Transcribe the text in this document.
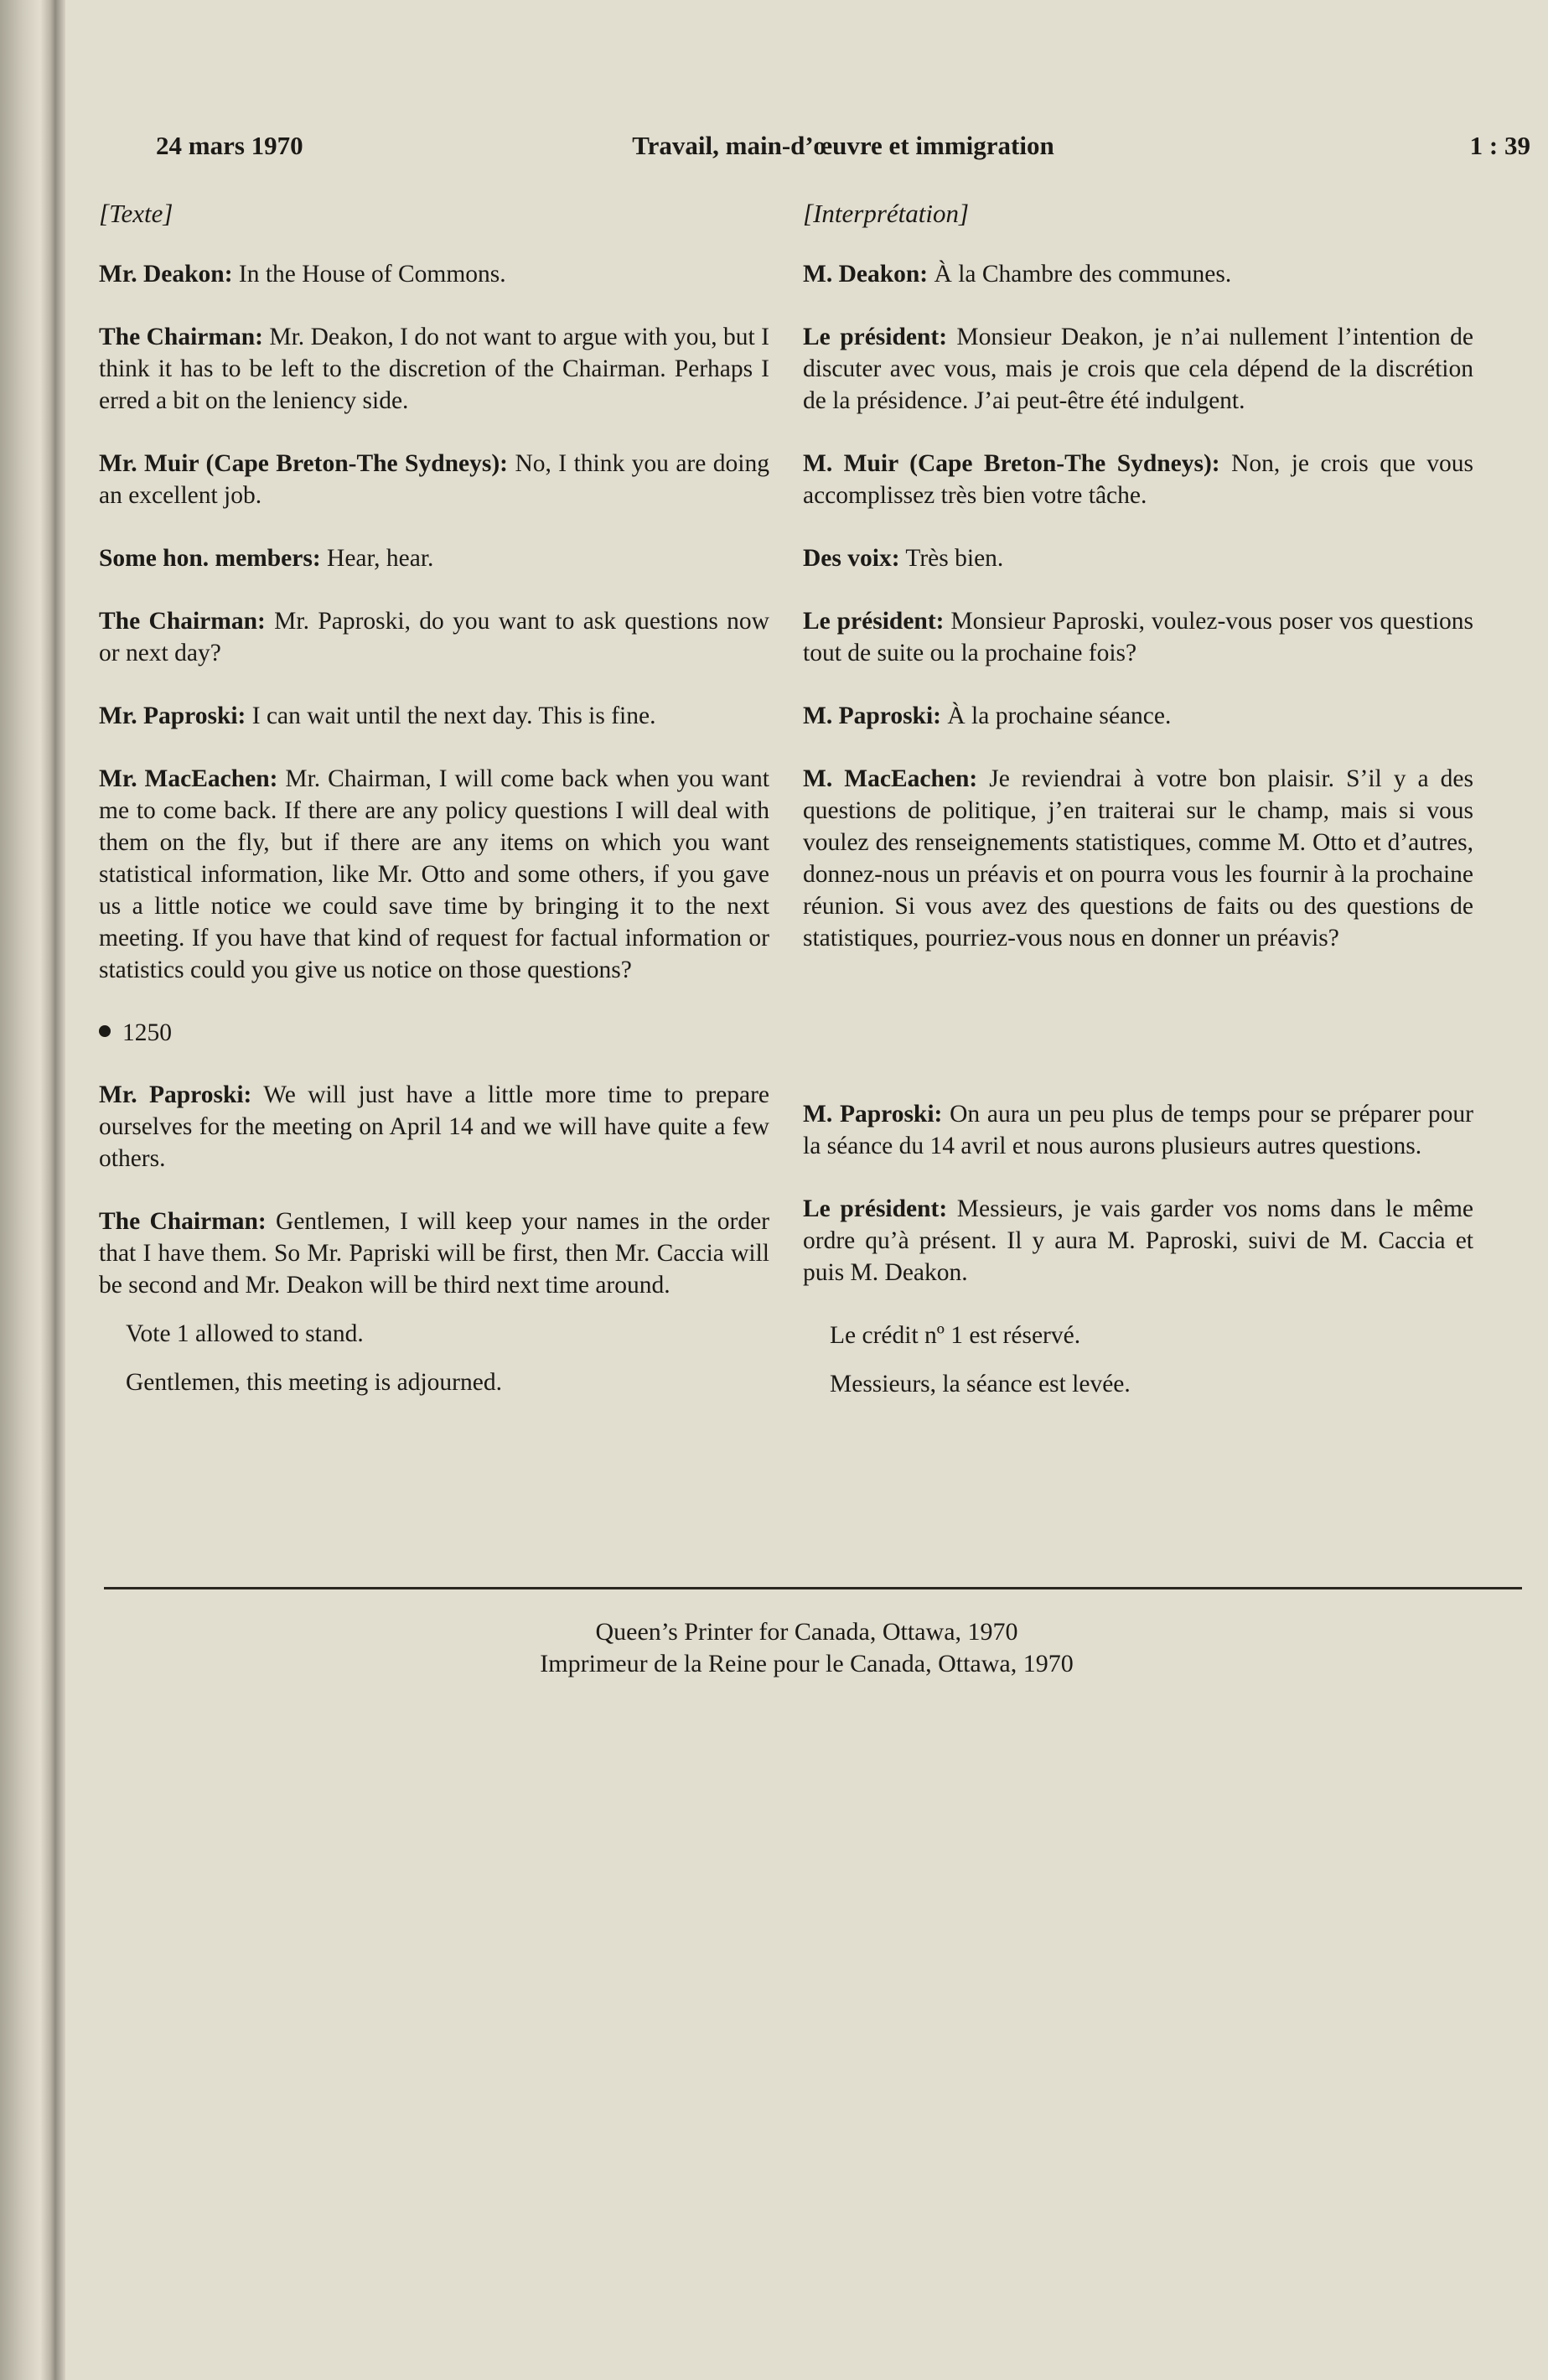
24 mars 1970	Travail, main-d’œuvre et immigration	1 : 39
[Texte]

Mr. Deakon: In the House of Commons.

The Chairman: Mr. Deakon, I do not want to argue with you, but I think it has to be left to the discretion of the Chairman. Perhaps I erred a bit on the leniency side.

Mr. Muir (Cape Breton-The Sydneys): No, I think you are doing an excellent job.

Some hon. members: Hear, hear.

The Chairman: Mr. Paproski, do you want to ask questions now or next day?

Mr. Paproski: I can wait until the next day. This is fine.

Mr. MacEachen: Mr. Chairman, I will come back when you want me to come back. If there are any policy questions I will deal with them on the fly, but if there are any items on which you want statistical information, like Mr. Otto and some others, if you gave us a little notice we could save time by bringing it to the next meeting. If you have that kind of request for factual information or statistics could you give us notice on those questions?

1250

Mr. Paproski: We will just have a little more time to prepare ourselves for the meeting on April 14 and we will have quite a few others.

The Chairman: Gentlemen, I will keep your names in the order that I have them. So Mr. Papriski will be first, then Mr. Caccia will be second and Mr. Deakon will be third next time around.

Vote 1 allowed to stand.

Gentlemen, this meeting is adjourned.

[Interprétation]

M. Deakon: À la Chambre des communes.

Le président: Monsieur Deakon, je n’ai nullement l’intention de discuter avec vous, mais je crois que cela dépend de la discrétion de la présidence. J’ai peut-être été indulgent.

M. Muir (Cape Breton-The Sydneys): Non, je crois que vous accomplissez très bien votre tâche.

Des voix: Très bien.

Le président: Monsieur Paproski, voulez-vous poser vos questions tout de suite ou la prochaine fois?

M. Paproski: À la prochaine séance.

M. MacEachen: Je reviendrai à votre bon plaisir. S’il y a des questions de politique, j’en traiterai sur le champ, mais si vous voulez des renseignements statistiques, comme M. Otto et d’autres, donnez-nous un préavis et on pourra vous les fournir à la prochaine réunion. Si vous avez des questions de faits ou des questions de statistiques, pourriez-vous nous en donner un préavis?

M. Paproski: On aura un peu plus de temps pour se préparer pour la séance du 14 avril et nous aurons plusieurs autres questions.

Le président: Messieurs, je vais garder vos noms dans le même ordre qu’à présent. Il y aura M. Paproski, suivi de M. Caccia et puis M. Deakon.

Le crédit nº 1 est réservé.

Messieurs, la séance est levée.

Queen’s Printer for Canada, Ottawa, 1970
Imprimeur de la Reine pour le Canada, Ottawa, 1970
